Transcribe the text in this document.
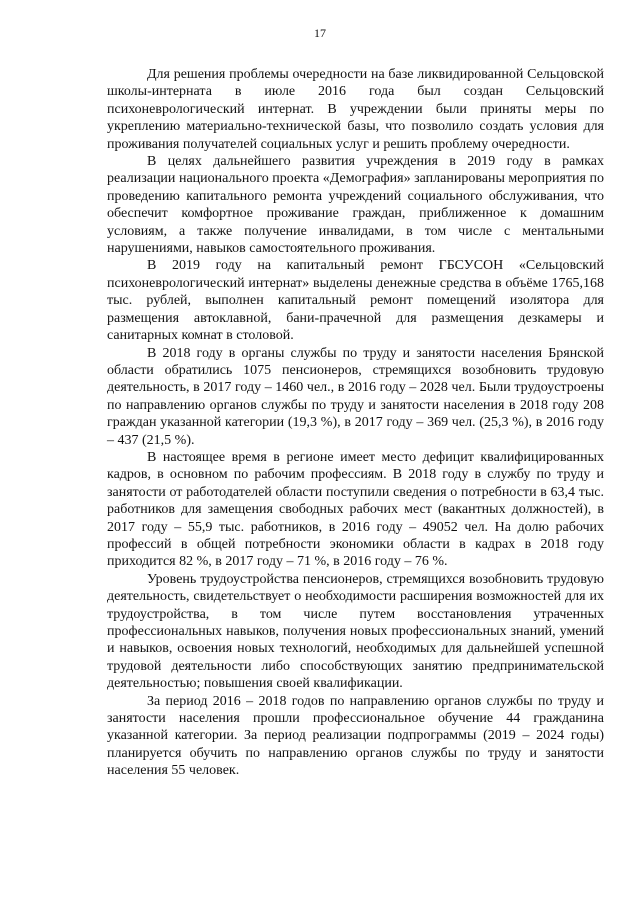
17

Для решения проблемы очередности на базе ликвидированной Сельцовской школы-интерната в июле 2016 года был создан Сельцовский психоневрологический интернат. В учреждении были приняты меры по укреплению материально-технической базы, что позволило создать условия для проживания получателей социальных услуг и решить проблему очередности.

В целях дальнейшего развития учреждения в 2019 году в рамках реализации национального проекта «Демография» запланированы мероприятия по проведению капитального ремонта учреждений социального обслуживания, что обеспечит комфортное проживание граждан, приближенное к домашним условиям, а также получение инвалидами, в том числе с ментальными нарушениями, навыков самостоятельного проживания.

В 2019 году на капитальный ремонт ГБСУСОН «Сельцовский психоневрологический интернат» выделены денежные средства в объёме 1765,168 тыс. рублей, выполнен капитальный ремонт помещений изолятора для размещения автоклавной, бани-прачечной для размещения дезкамеры и санитарных комнат в столовой.

В 2018 году в органы службы по труду и занятости населения Брянской области обратились 1075 пенсионеров, стремящихся возобновить трудовую деятельность, в 2017 году – 1460 чел., в 2016 году – 2028 чел. Были трудоустроены по направлению органов службы по труду и занятости населения в 2018 году 208 граждан указанной категории (19,3 %), в 2017 году – 369 чел. (25,3 %), в 2016 году – 437 (21,5 %).

В настоящее время в регионе имеет место дефицит квалифицированных кадров, в основном по рабочим профессиям. В 2018 году в службу по труду и занятости от работодателей области поступили сведения о потребности в 63,4 тыс. работников для замещения свободных рабочих мест (вакантных должностей), в 2017 году – 55,9 тыс. работников, в 2016 году – 49052 чел. На долю рабочих профессий в общей потребности экономики области в кадрах в 2018 году приходится 82 %, в 2017 году – 71 %, в 2016 году – 76 %.

Уровень трудоустройства пенсионеров, стремящихся возобновить трудовую деятельность, свидетельствует о необходимости расширения возможностей для их трудоустройства, в том числе путем восстановления утраченных профессиональных навыков, получения новых профессиональных знаний, умений и навыков, освоения новых технологий, необходимых для дальнейшей успешной трудовой деятельности либо способствующих занятию предпринимательской деятельностью; повышения своей квалификации.

За период 2016 – 2018 годов по направлению органов службы по труду и занятости населения прошли профессиональное обучение 44 гражданина указанной категории. За период реализации подпрограммы (2019 – 2024 годы) планируется обучить по направлению органов службы по труду и занятости населения 55 человек.
